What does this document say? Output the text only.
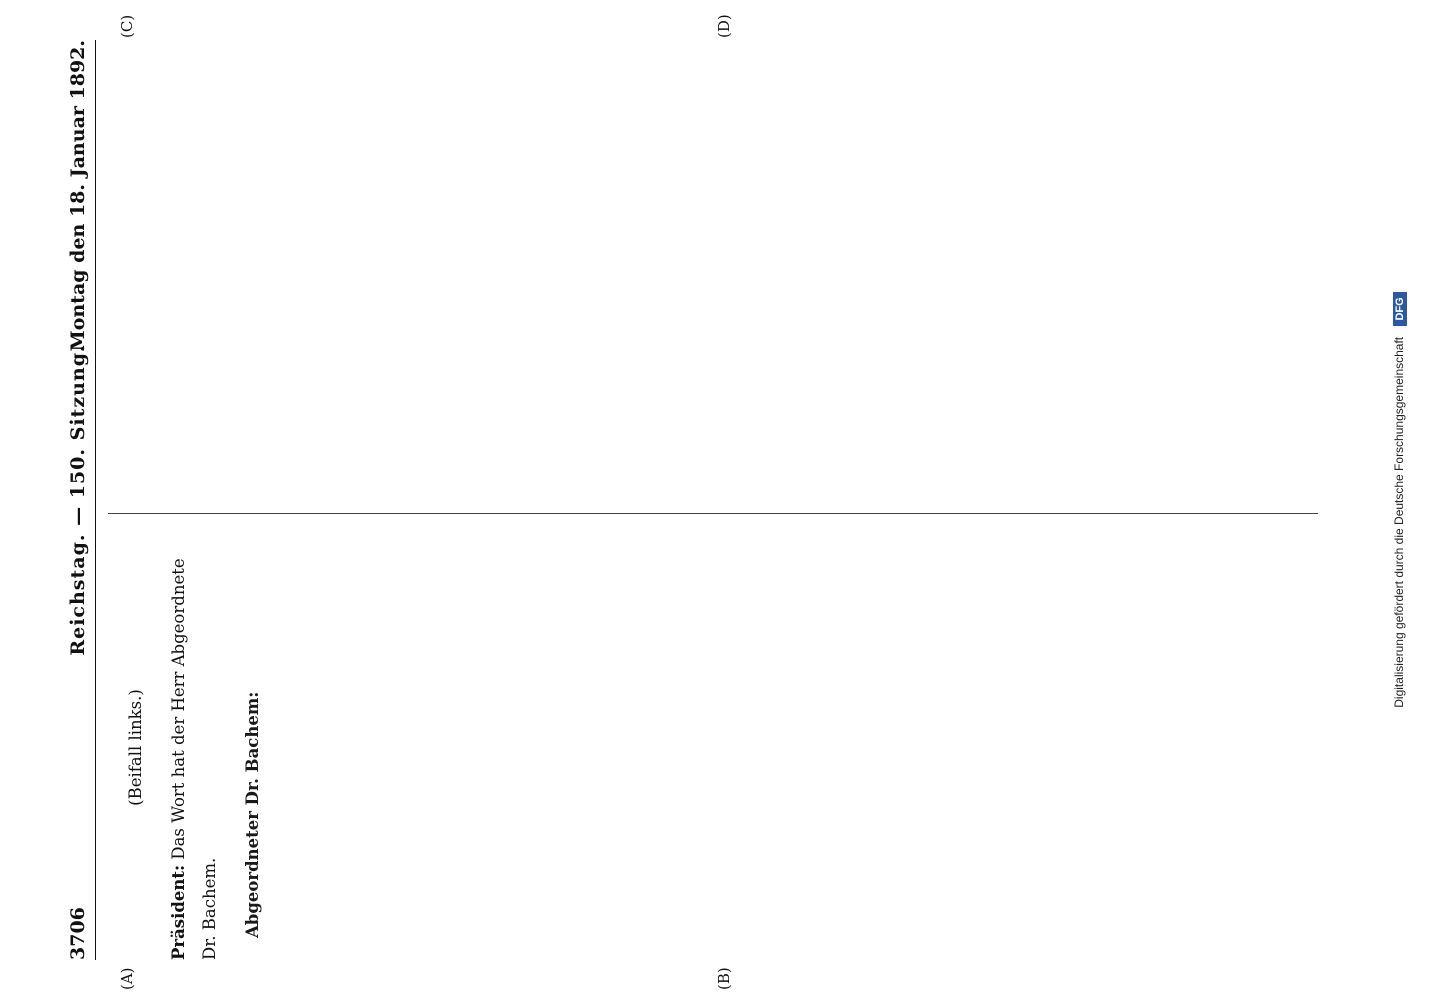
3706
Reichstag. — 150. Sitzung.
Montag den 18. Januar 1892.
(A)	(B)
(C)	(D)

(Beifall links.)

Präsident: Das Wort hat der Herr Abgeordnete Dr. Bachem.	Abgeordneter Dr. Bachem:

Digitalisierung gefördert durch die Deutsche Forschungsgemeinschaft DFG
